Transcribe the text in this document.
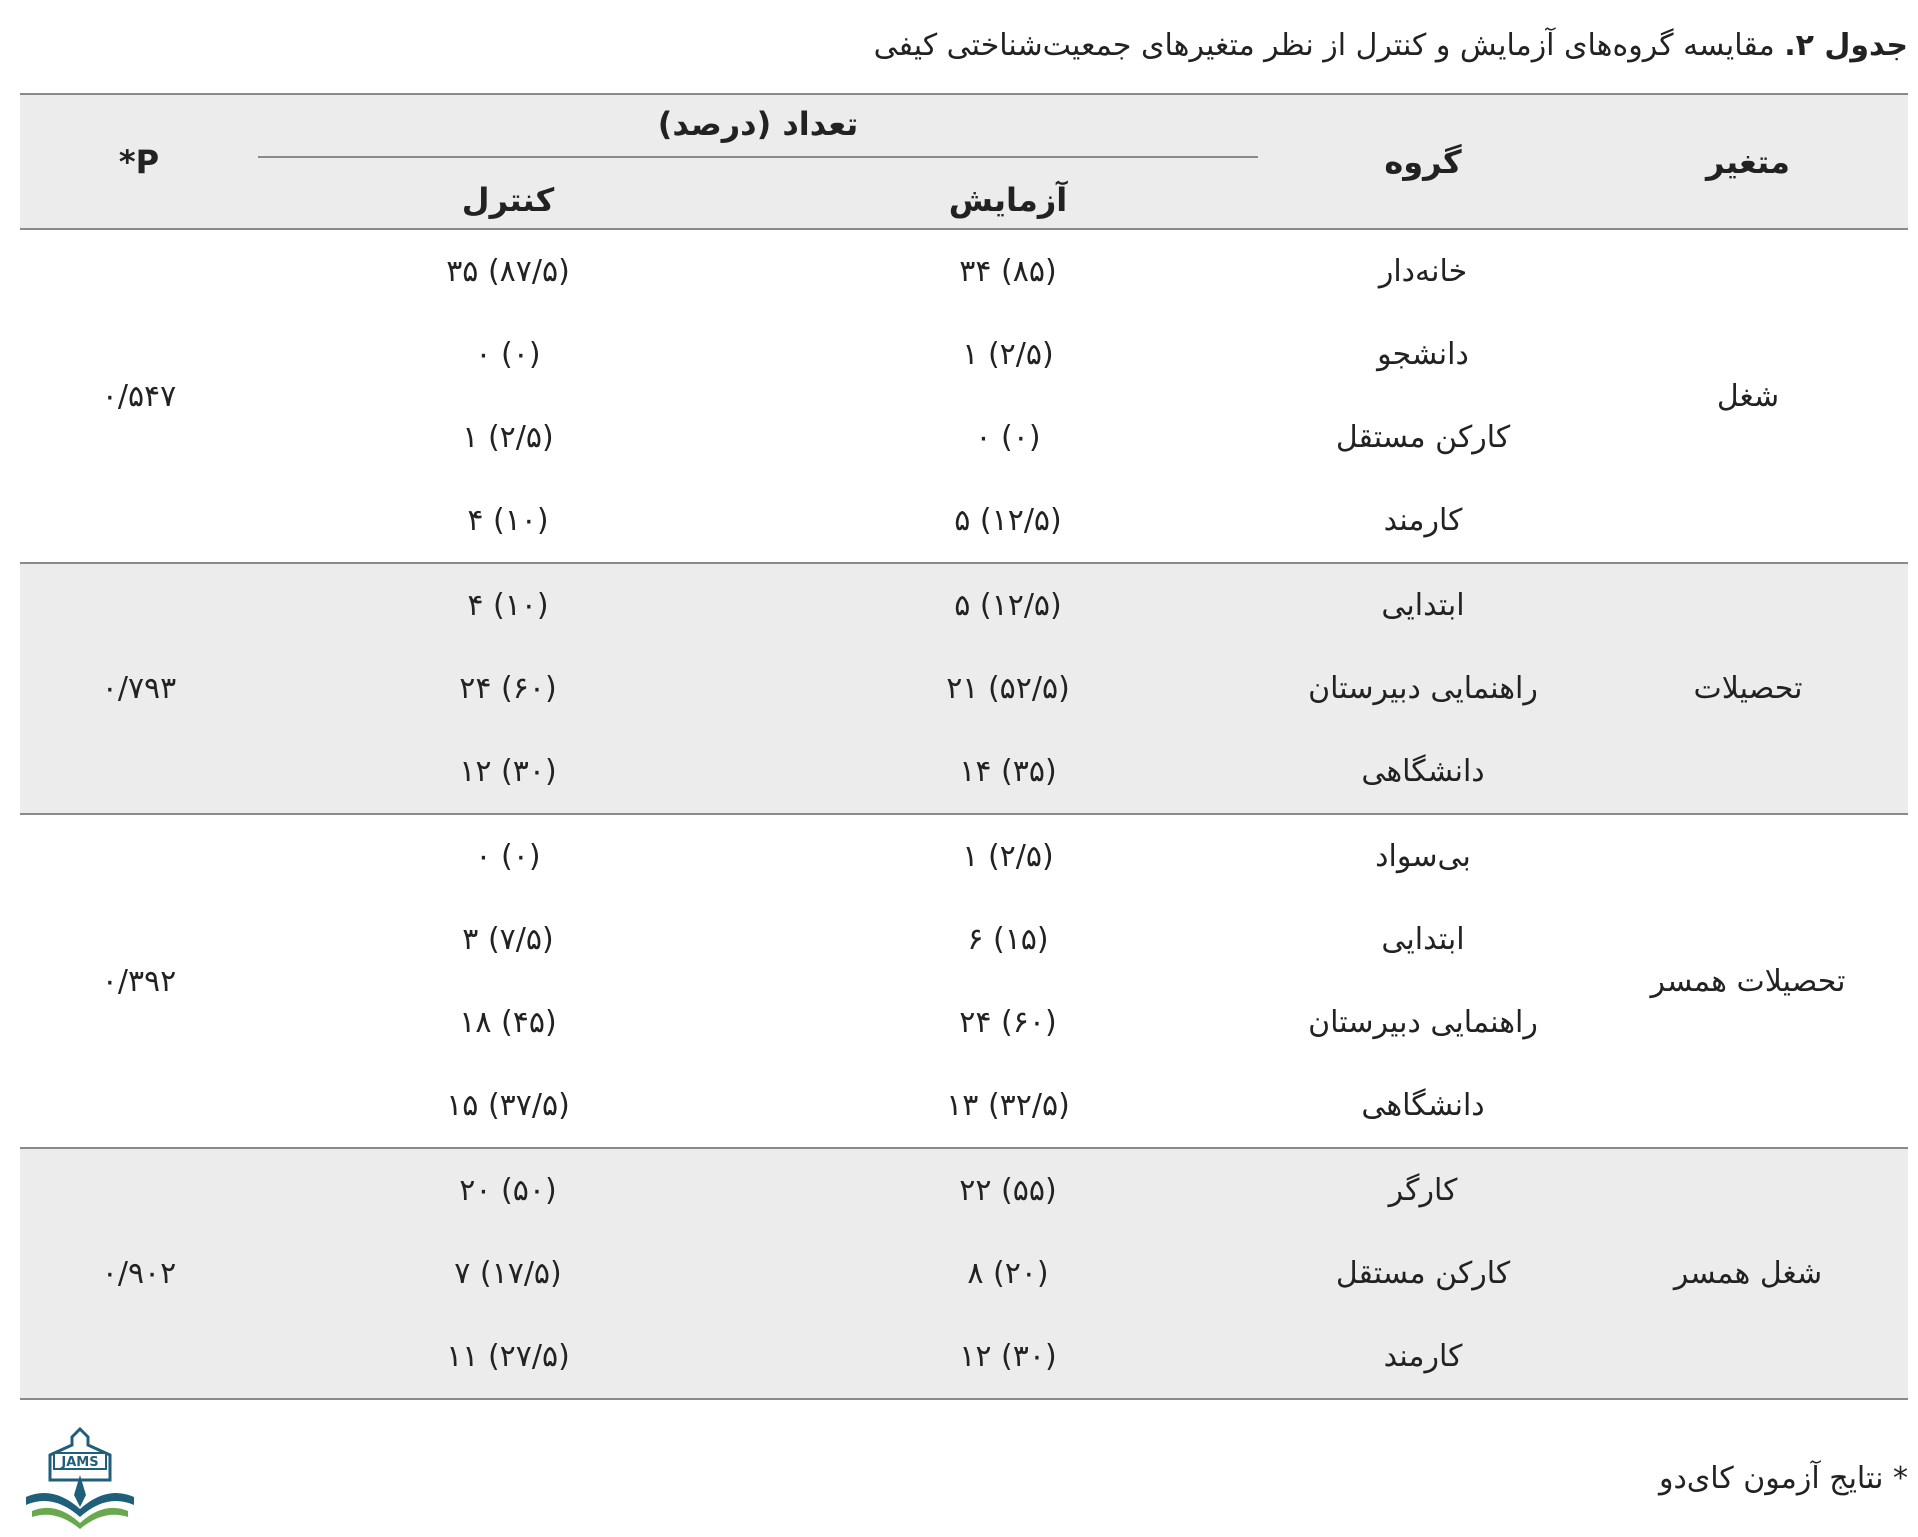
جدول ۲. مقایسه گروه‌های آزمایش و کنترل از نظر متغیرهای جمعیت‌شناختی کیفی
متغیر	گروه	تعداد (درصد)		P*
		آزمایش	کنترل	
شغل	خانه‌دار	۳۴ (۸۵)	۳۵ (۸۷/۵)	۰/۵۴۷
	دانشجو	۱ (۲/۵)	۰ (۰)	
	کارکن مستقل	۰ (۰)	۱ (۲/۵)	
	کارمند	۵ (۱۲/۵)	۴ (۱۰)	
تحصیلات	ابتدایی	۵ (۱۲/۵)	۴ (۱۰)	۰/۷۹۳
	راهنمایی دبیرستان	۲۱ (۵۲/۵)	۲۴ (۶۰)	
	دانشگاهی	۱۴ (۳۵)	۱۲ (۳۰)	
تحصیلات همسر	بی‌سواد	۱ (۲/۵)	۰ (۰)	۰/۳۹۲
	ابتدایی	۶ (۱۵)	۳ (۷/۵)	
	راهنمایی دبیرستان	۲۴ (۶۰)	۱۸ (۴۵)	
	دانشگاهی	۱۳ (۳۲/۵)	۱۵ (۳۷/۵)	
شغل همسر	کارگر	۲۲ (۵۵)	۲۰ (۵۰)	۰/۹۰۲
	کارکن مستقل	۸ (۲۰)	۷ (۱۷/۵)	
	کارمند	۱۲ (۳۰)	۱۱ (۲۷/۵)	
* نتایج آزمون کای‌دو
JAMS
